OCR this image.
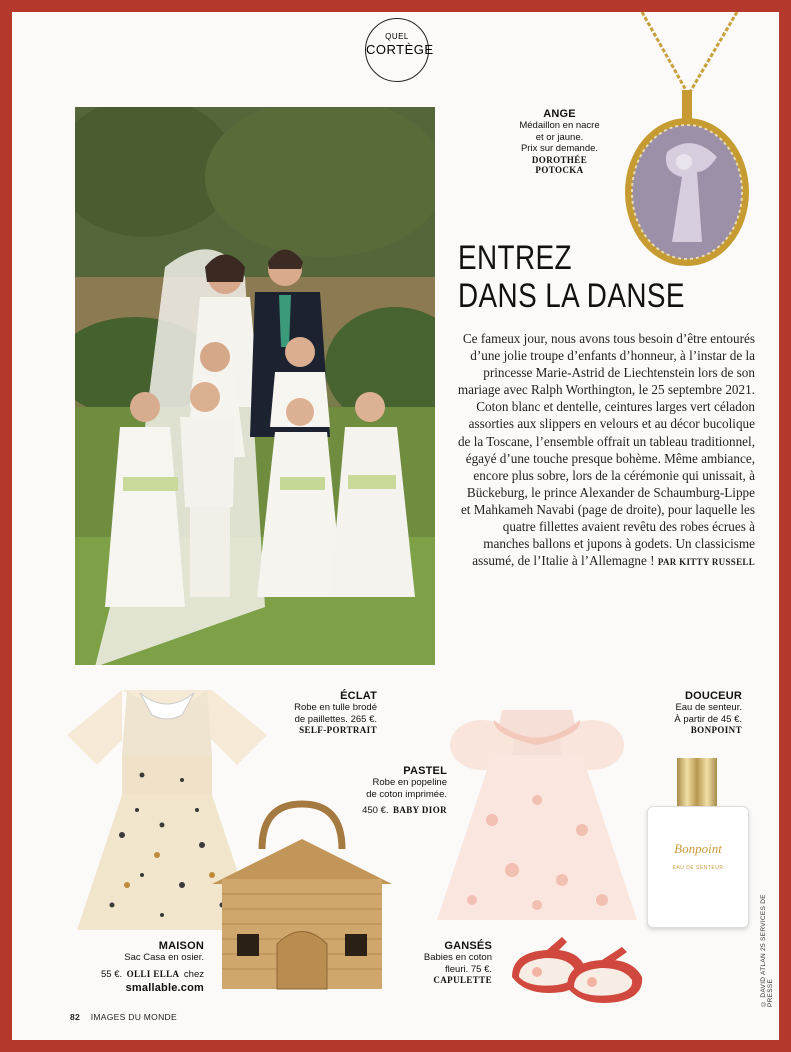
QUEL
CORTÈGE
ENTREZ
DANS LA DANSE
Ce fameux jour, nous avons tous besoin d’être entourés d’une jolie troupe d’enfants d’honneur, à l’instar de la princesse Marie-Astrid de Liechtenstein lors de son mariage avec Ralph Worthington, le 25 septembre 2021. Coton blanc et dentelle, ceintures larges vert céladon assorties aux slippers en velours et au décor bucolique de la Toscane, l’ensemble offrait un tableau traditionnel, égayé d’une touche presque bohème. Même ambiance, encore plus sobre, lors de la cérémonie qui unissait, à Bückeburg, le prince Alexander de Schaumburg-Lippe et Mahkameh Navabi (page de droite), pour laquelle les quatre fillettes avaient revêtu des robes écrues à manches ballons et jupons à godets. Un classicisme assumé, de l’Italie à l’Allemagne ! PAR KITTY RUSSELL
ANGE
Médaillon en nacre
et or jaune.
Prix sur demande.
DOROTHÉE
POTOCKA
ÉCLAT
Robe en tulle brodé
de paillettes. 265 €.
SELF-PORTRAIT
PASTEL
Robe en popeline
de coton imprimée.
450 €. BABY DIOR
DOUCEUR
Eau de senteur.
À partir de 45 €.
BONPOINT
Bonpoint
EAU DE SENTEUR
MAISON
Sac Casa en osier.
55 €. OLLI ELLA chez
smallable.com
GANSÉS
Babies en coton
fleuri. 75 €.
CAPULETTE
82 IMAGES DU MONDE
© DAVID ATLAN 25 SERVICES DE PRESSE
